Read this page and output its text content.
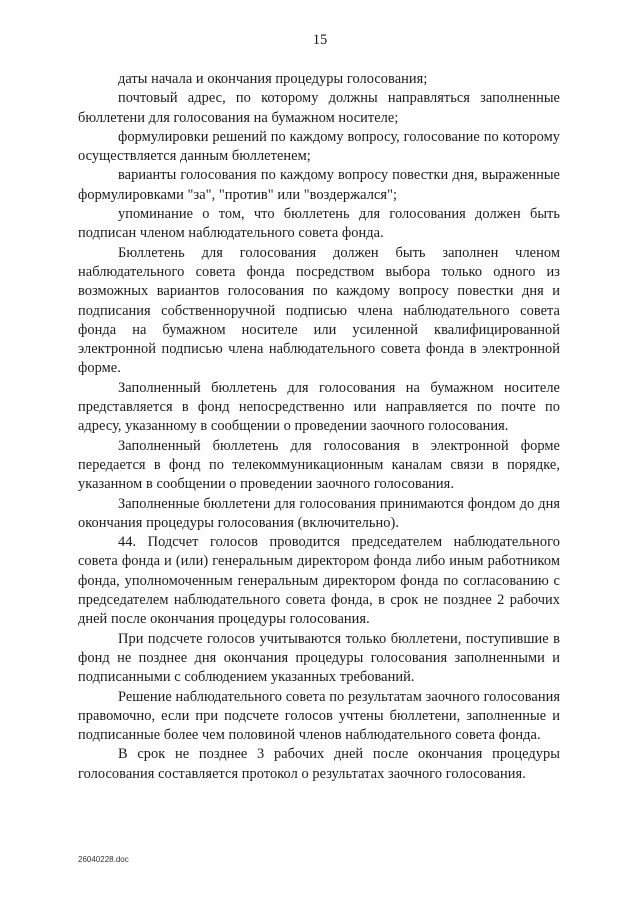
15

даты начала и окончания процедуры голосования;

почтовый адрес, по которому должны направляться заполненные бюллетени для голосования на бумажном носителе;

формулировки решений по каждому вопросу, голосование по которому осуществляется данным бюллетенем;

варианты голосования по каждому вопросу повестки дня, выраженные формулировками "за", "против" или "воздержался";

упоминание о том, что бюллетень для голосования должен быть подписан членом наблюдательного совета фонда.

Бюллетень для голосования должен быть заполнен членом наблюдательного совета фонда посредством выбора только одного из возможных вариантов голосования по каждому вопросу повестки дня и подписания собственноручной подписью члена наблюдательного совета фонда на бумажном носителе или усиленной квалифицированной электронной подписью члена наблюдательного совета фонда в электронной форме.

Заполненный бюллетень для голосования на бумажном носителе представляется в фонд непосредственно или направляется по почте по адресу, указанному в сообщении о проведении заочного голосования.

Заполненный бюллетень для голосования в электронной форме передается в фонд по телекоммуникационным каналам связи в порядке, указанном в сообщении о проведении заочного голосования.

Заполненные бюллетени для голосования принимаются фондом до дня окончания процедуры голосования (включительно).

44. Подсчет голосов проводится председателем наблюдательного совета фонда и (или) генеральным директором фонда либо иным работником фонда, уполномоченным генеральным директором фонда по согласованию с председателем наблюдательного совета фонда, в срок не позднее 2 рабочих дней после окончания процедуры голосования.

При подсчете голосов учитываются только бюллетени, поступившие в фонд не позднее дня окончания процедуры голосования заполненными и подписанными с соблюдением указанных требований.

Решение наблюдательного совета по результатам заочного голосования правомочно, если при подсчете голосов учтены бюллетени, заполненные и подписанные более чем половиной членов наблюдательного совета фонда.

В срок не позднее 3 рабочих дней после окончания процедуры голосования составляется протокол о результатах заочного голосования.

26040228.doc
